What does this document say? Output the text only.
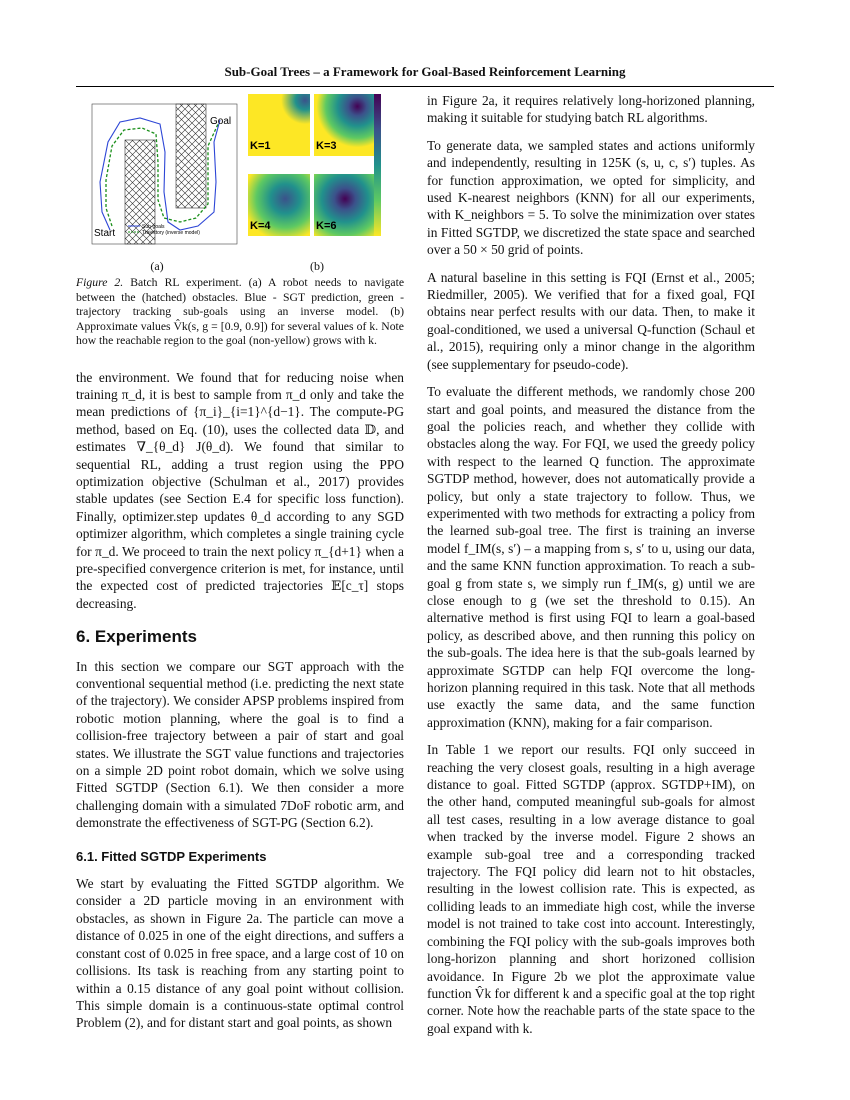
Sub-Goal Trees – a Framework for Goal-Based Reinforcement Learning
Goal
Start
Sub-goals
Trajectory (inverse model)
(a)
K=1	K=3
K=4	K=6
(b)
Figure 2. Batch RL experiment. (a) A robot needs to navigate between the (hatched) obstacles. Blue - SGT prediction, green - trajectory tracking sub-goals using an inverse model. (b) Approximate values V̂k(s, g = [0.9, 0.9]) for several values of k. Note how the reachable region to the goal (non-yellow) grows with k.

the environment. We found that for reducing noise when training π_d, it is best to sample from π_d only and take the mean predictions of {π_i}_{i=1}^{d−1}. The compute-PG method, based on Eq. (10), uses the collected data 𝔻, and estimates ∇_{θ_d} J(θ_d). We found that similar to sequential RL, adding a trust region using the PPO optimization objective (Schulman et al., 2017) provides stable updates (see Section E.4 for specific loss function). Finally, optimizer.step updates θ_d according to any SGD optimizer algorithm, which completes a single training cycle for π_d. We proceed to train the next policy π_{d+1} when a pre-specified convergence criterion is met, for instance, until the expected cost of predicted trajectories 𝔼[c_τ] stops decreasing.

6. Experiments

In this section we compare our SGT approach with the conventional sequential method (i.e. predicting the next state of the trajectory). We consider APSP problems inspired from robotic motion planning, where the goal is to find a collision-free trajectory between a pair of start and goal states. We illustrate the SGT value functions and trajectories on a simple 2D point robot domain, which we solve using Fitted SGTDP (Section 6.1). We then consider a more challenging domain with a simulated 7DoF robotic arm, and demonstrate the effectiveness of SGT-PG (Section 6.2).

6.1. Fitted SGTDP Experiments

We start by evaluating the Fitted SGTDP algorithm. We consider a 2D particle moving in an environment with obstacles, as shown in Figure 2a. The particle can move a distance of 0.025 in one of the eight directions, and suffers a constant cost of 0.025 in free space, and a large cost of 10 on collisions. Its task is reaching from any starting point to within a 0.15 distance of any goal point without collision. This simple domain is a continuous-state optimal control Problem (2), and for distant start and goal points, as shown

in Figure 2a, it requires relatively long-horizoned planning, making it suitable for studying batch RL algorithms.

To generate data, we sampled states and actions uniformly and independently, resulting in 125K (s, u, c, s′) tuples. As for function approximation, we opted for simplicity, and used K-nearest neighbors (KNN) for all our experiments, with K_neighbors = 5. To solve the minimization over states in Fitted SGTDP, we discretized the state space and searched over a 50 × 50 grid of points.

A natural baseline in this setting is FQI (Ernst et al., 2005; Riedmiller, 2005). We verified that for a fixed goal, FQI obtains near perfect results with our data. Then, to make it goal-conditioned, we used a universal Q-function (Schaul et al., 2015), requiring only a minor change in the algorithm (see supplementary for pseudo-code).

To evaluate the different methods, we randomly chose 200 start and goal points, and measured the distance from the goal the policies reach, and whether they collide with obstacles along the way. For FQI, we used the greedy policy with respect to the learned Q function. The approximate SGTDP method, however, does not automatically provide a policy, but only a state trajectory to follow. Thus, we experimented with two methods for extracting a policy from the learned sub-goal tree. The first is training an inverse model f_IM(s, s′) – a mapping from s, s′ to u, using our data, and the same KNN function approximation. To reach a sub-goal g from state s, we simply run f_IM(s, g) until we are close enough to g (we set the threshold to 0.15). An alternative method is first using FQI to learn a goal-based policy, as described above, and then running this policy on the sub-goals. The idea here is that the sub-goals learned by approximate SGTDP can help FQI overcome the long-horizon planning required in this task. Note that all methods use exactly the same data, and the same function approximation (KNN), making for a fair comparison.

In Table 1 we report our results. FQI only succeed in reaching the very closest goals, resulting in a high average distance to goal. Fitted SGTDP (approx. SGTDP+IM), on the other hand, computed meaningful sub-goals for almost all test cases, resulting in a low average distance to goal when tracked by the inverse model. Figure 2 shows an example sub-goal tree and a corresponding tracked trajectory. The FQI policy did learn not to hit obstacles, resulting in the lowest collision rate. This is expected, as colliding leads to an immediate high cost, while the inverse model is not trained to take cost into account. Interestingly, combining the FQI policy with the sub-goals improves both long-horizon planning and short horizoned collision avoidance. In Figure 2b we plot the approximate value function V̂k for different k and a specific goal at the top right corner. Note how the reachable parts of the state space to the goal expand with k.
